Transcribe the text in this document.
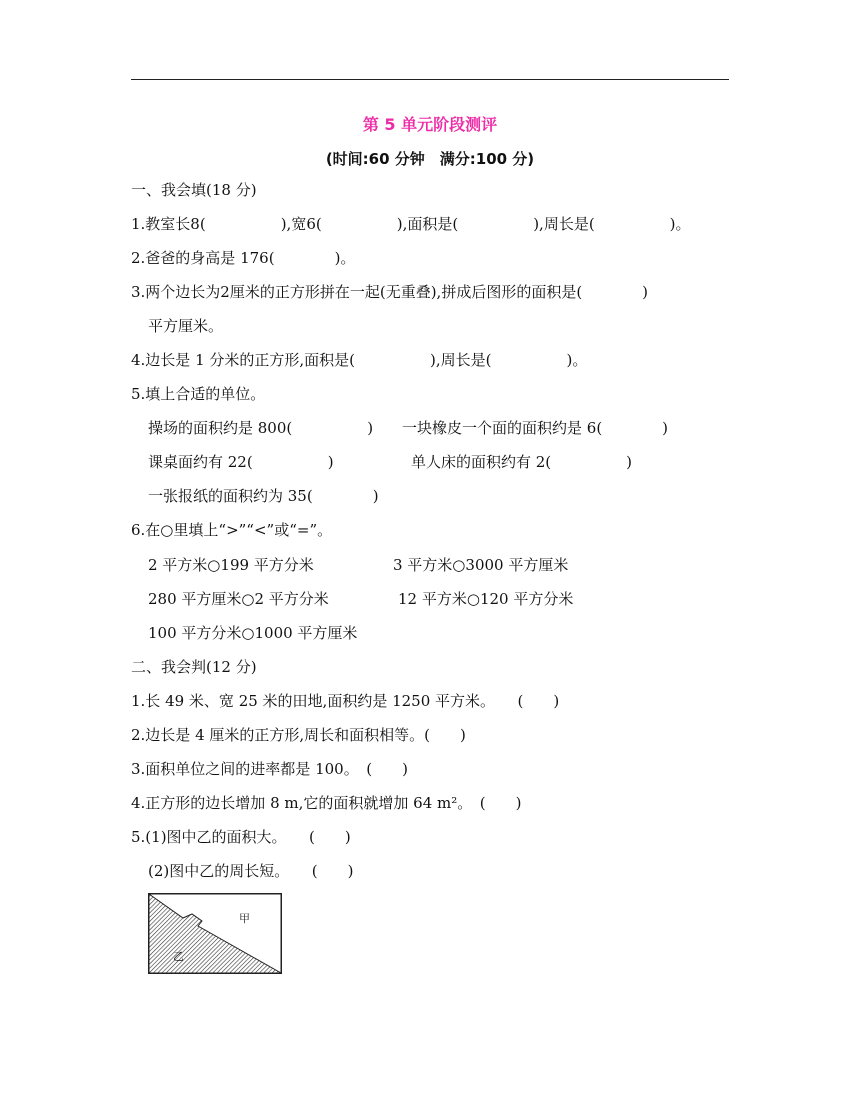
第 5 单元阶段测评
(时间:60 分钟　满分:100 分)
一、我会填(18 分)
1.教室长8(　　　　　),宽6(　　　　　),面积是(　　　　　),周长是(　　　　　)。
2.爸爸的身高是 176(　　　　)。
3.两个边长为2厘米的正方形拼在一起(无重叠),拼成后图形的面积是(　　　　)
平方厘米。
4.边长是 1 分米的正方形,面积是(　　　　　),周长是(　　　　　)。
5.填上合适的单位。
操场的面积约是 800(　　　　　) 一块橡皮一个面的面积约是 6(　　　　)
课桌面约有 22(　　　　　)	单人床的面积约有 2(　　　　　)
一张报纸的面积约为 35(　　　　)
6.在○里填上“>”“<”或“=”。
2 平方米○199 平方分米	3 平方米○3000 平方厘米
280 平方厘米○2 平方分米	12 平方米○120 平方分米
100 平方分米○1000 平方厘米
二、我会判(12 分)
1.长 49 米、宽 25 米的田地,面积约是 1250 平方米。　　(　　)
2.边长是 4 厘米的正方形,周长和面积相等。(　　)
3.面积单位之间的进率都是 100。　(　　)
4.正方形的边长增加 8 m,它的面积就增加 64 m²。　(　　)
5.(1)图中乙的面积大。　　(　　)
(2)图中乙的周长短。　　(　　)
甲
乙
